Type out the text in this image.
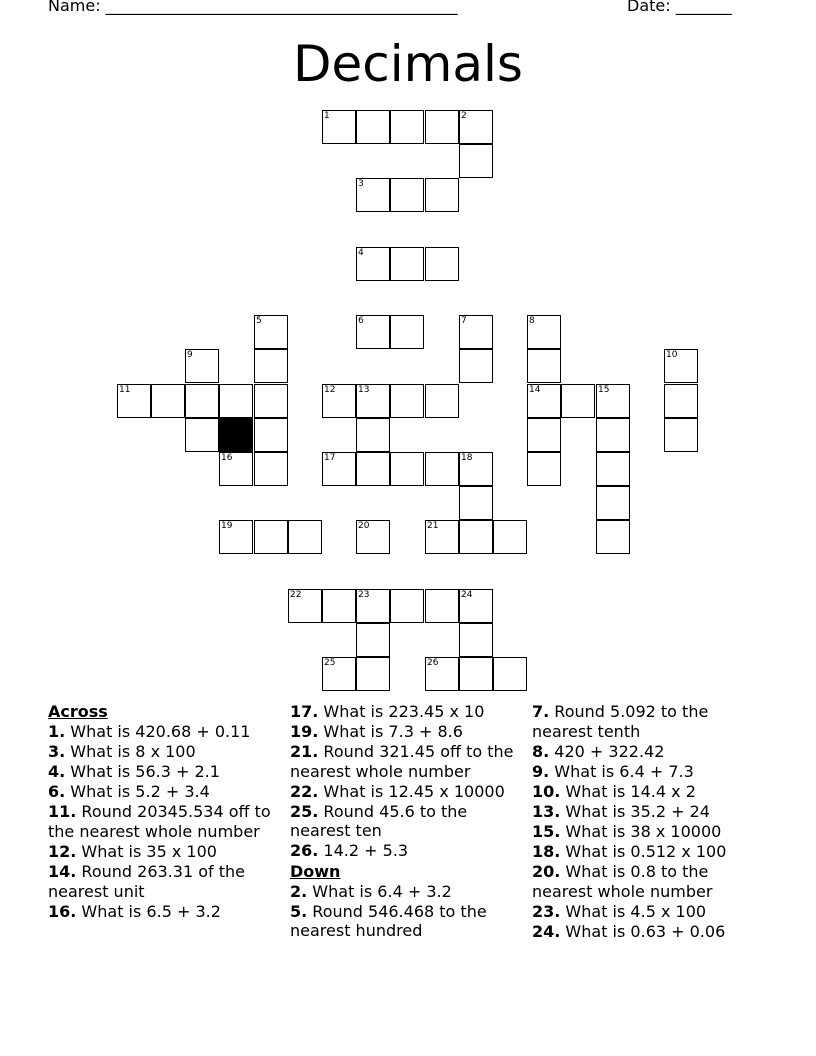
Name: ____________________________________________	Date: _______
Decimals
1	2
3
4
5	6	7	8
9	10
11	12	13	14	15
16	17	18
19	20	21
22	23	24
25	26
Across
1. What is 420.68 + 0.11
3. What is 8 x 100
4. What is 56.3 + 2.1
6. What is 5.2 + 3.4
11. Round 20345.534 off to the nearest whole number
12. What is 35 x 100
14. Round 263.31 of the nearest unit
16. What is 6.5 + 3.2
17. What is 223.45 x 10
19. What is 7.3 + 8.6
21. Round 321.45 off to the nearest whole number
22. What is 12.45 x 10000
25. Round 45.6 to the nearest ten
26. 14.2 + 5.3
Down
2. What is 6.4 + 3.2
5. Round 546.468 to the nearest hundred
7. Round 5.092 to the nearest tenth
8. 420 + 322.42
9. What is 6.4 + 7.3
10. What is 14.4 x 2
13. What is 35.2 + 24
15. What is 38 x 10000
18. What is 0.512 x 100
20. What is 0.8 to the nearest whole number
23. What is 4.5 x 100
24. What is 0.63 + 0.06
